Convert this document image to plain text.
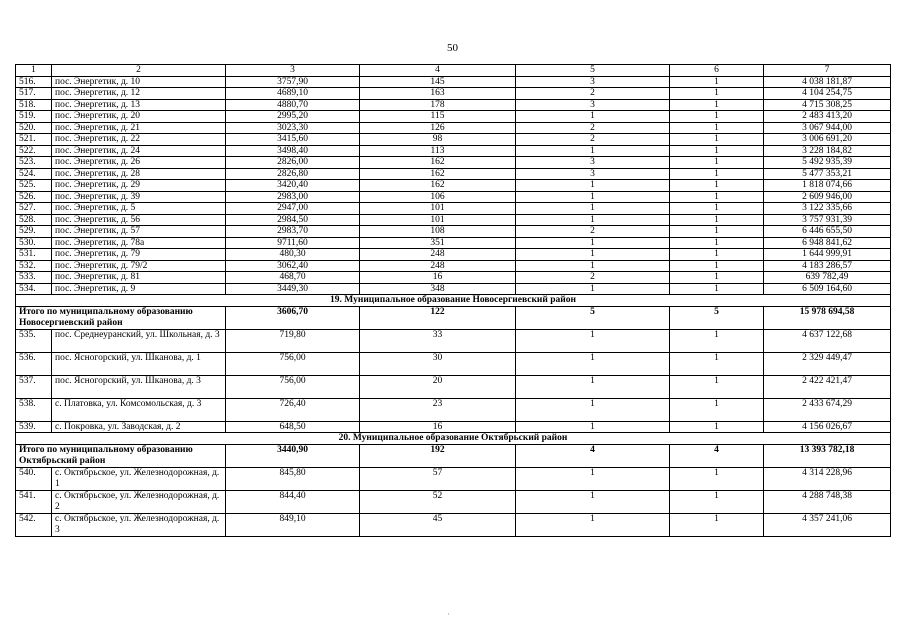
50
1	2	3	4	5	6	7
516.	пос. Энергетик, д. 10	3757,90	145	3	1	4 038 181,87
517.	пос. Энергетик, д. 12	4689,10	163	2	1	4 104 254,75
518.	пос. Энергетик, д. 13	4880,70	178	3	1	4 715 308,25
519.	пос. Энергетик, д. 20	2995,20	115	1	1	2 483 413,20
520.	пос. Энергетик, д. 21	3023,30	126	2	1	3 067 944,00
521.	пос. Энергетик, д. 22	3415,60	98	2	1	3 006 691,20
522.	пос. Энергетик, д. 24	3498,40	113	1	1	3 228 184,82
523.	пос. Энергетик, д. 26	2826,00	162	3	1	5 492 935,39
524.	пос. Энергетик, д. 28	2826,80	162	3	1	5 477 353,21
525.	пос. Энергетик, д. 29	3420,40	162	1	1	1 818 074,66
526.	пос. Энергетик, д. 39	2983,00	106	1	1	2 609 946,00
527.	пос. Энергетик, д. 5	2947,00	101	1	1	3 122 335,66
528.	пос. Энергетик, д. 56	2984,50	101	1	1	3 757 931,39
529.	пос. Энергетик, д. 57	2983,70	108	2	1	6 446 655,50
530.	пос. Энергетик, д. 78а	9711,60	351	1	1	6 948 841,62
531.	пос. Энергетик, д. 79	480,30	248	1	1	1 644 999,91
532.	пос. Энергетик, д. 79/2	3062,40	248	1	1	4 183 286,57
533.	пос. Энергетик, д. 81	468,70	16	2	1	639 782,49
534.	пос. Энергетик, д. 9	3449,30	348	1	1	6 509 164,60
19. Муниципальное образование Новосергиевский район						
Итого по муниципальному образованию Новосергиевский район		3606,70	122	5	5	15 978 694,58
535.	пос. Среднеуранский, ул. Школьная, д. 3	719,80	33	1	1	4 637 122,68
536.	пос. Ясногорский, ул. Шканова, д. 1	756,00	30	1	1	2 329 449,47
537.	пос. Ясногорский, ул. Шканова, д. 3	756,00	20	1	1	2 422 421,47
538.	с. Платовка, ул. Комсомольская, д. 3	726,40	23	1	1	2 433 674,29
539.	с. Покровка, ул. Заводская, д. 2	648,50	16	1	1	4 156 026,67
20. Муниципальное образование Октябрьский район						
Итого по муниципальному образованию Октябрьский район		3440,90	192	4	4	13 393 782,18
540.	с. Октябрьское, ул. Железнодорожная, д. 1	845,80	57	1	1	4 314 228,96
541.	с. Октябрьское, ул. Железнодорожная, д. 2	844,40	52	1	1	4 288 748,38
542.	с. Октябрьское, ул. Железнодорожная, д. 3	849,10	45	1	1	4 357 241,06
·
